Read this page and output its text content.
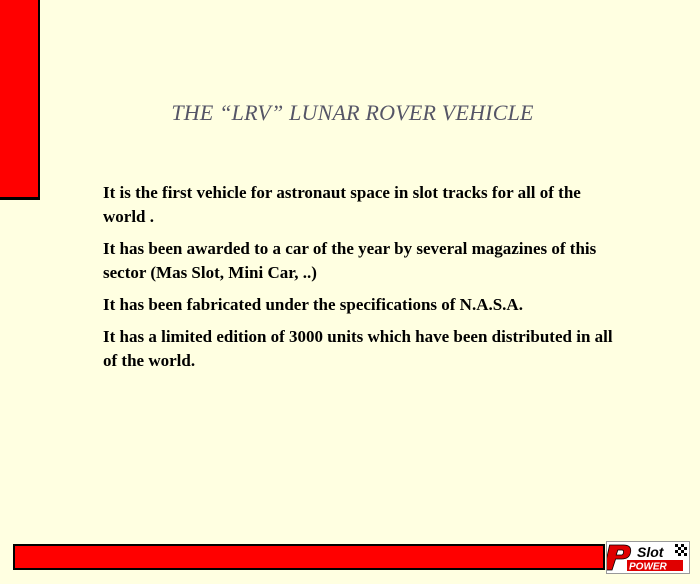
THE “LRV” LUNAR ROVER VEHICLE
It is the first vehicle for astronaut space in slot tracks for all of the world .
It has been awarded to a car of the year by several magazines of this sector (Mas Slot, Mini Car, ..)
It has been fabricated under the specifications of N.A.S.A.
It has a limited edition of 3000 units which have been distributed in all of the world.
Slot
POWER
